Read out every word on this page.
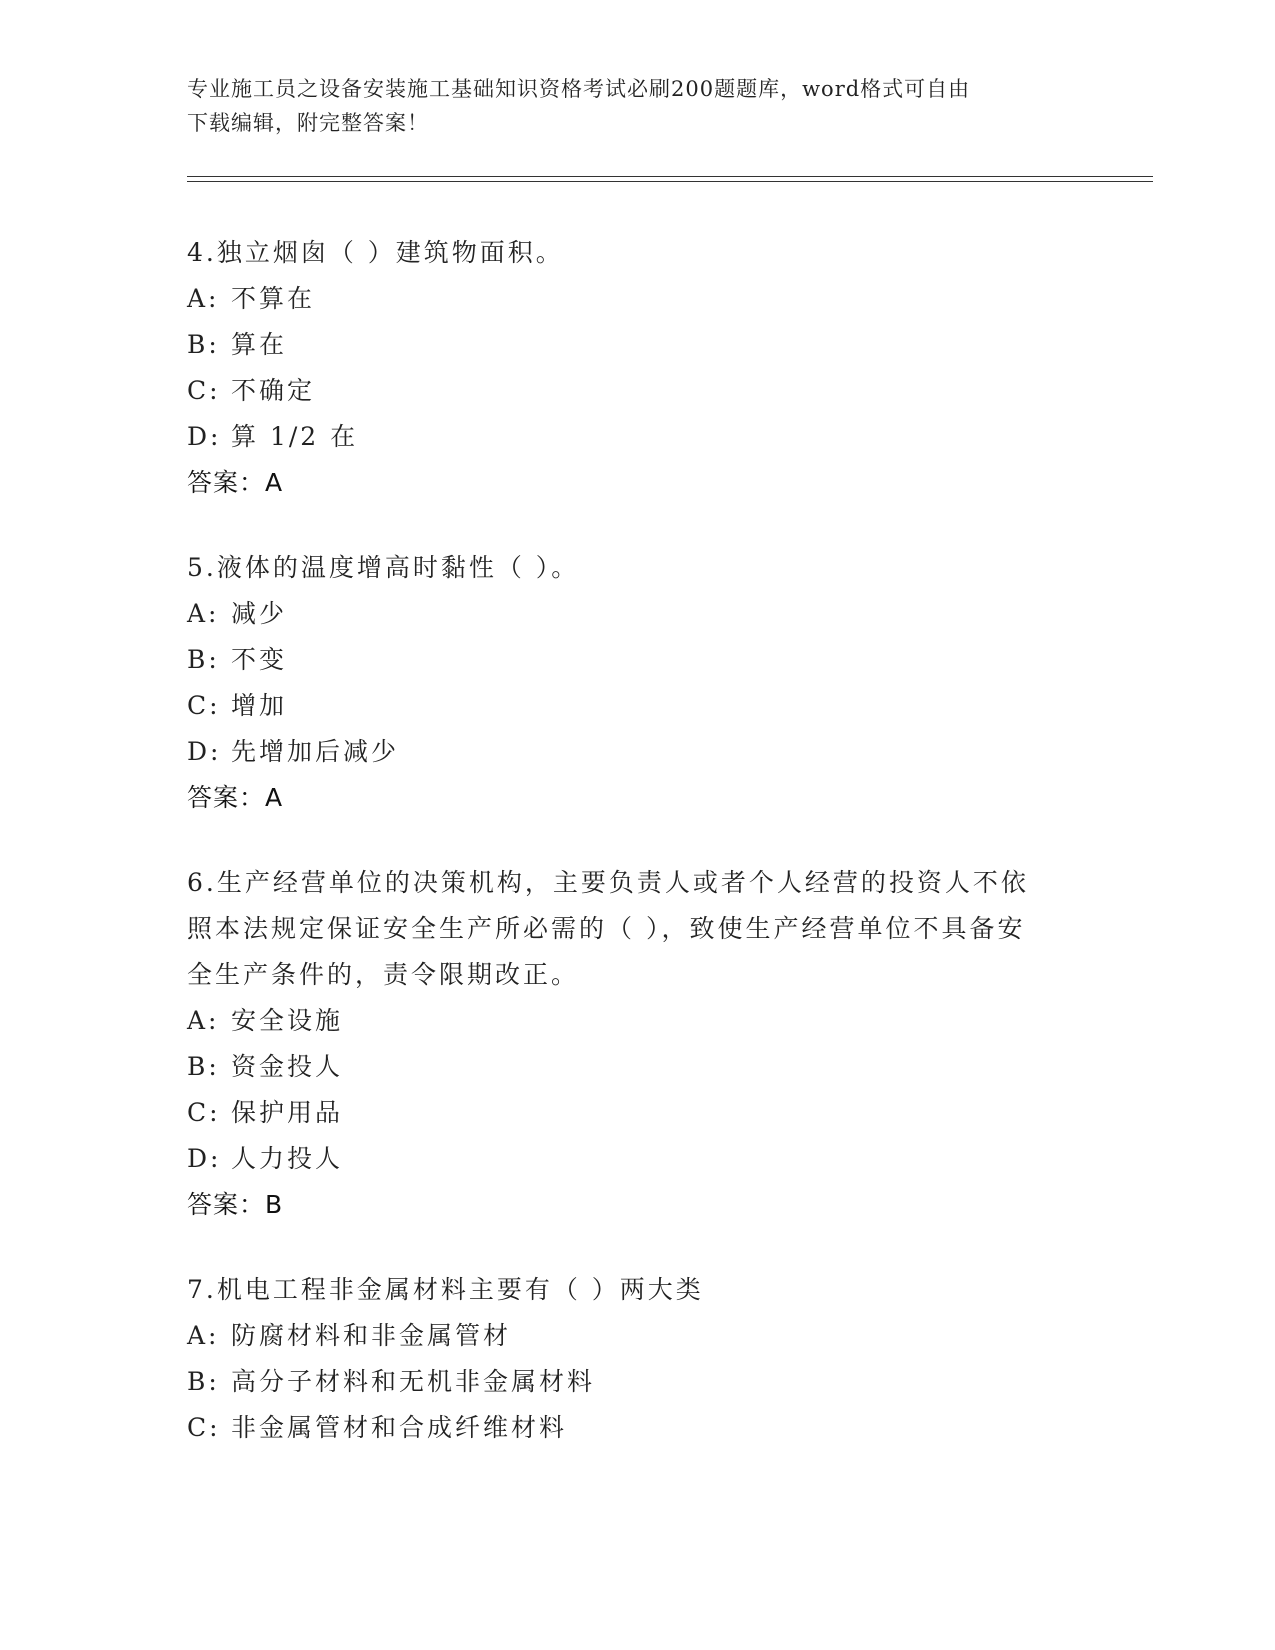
专业施工员之设备安装施工基础知识资格考试必刷200题题库，word格式可自由
下载编辑，附完整答案！
4.独立烟囱（ ）建筑物面积。
A: 不算在
B: 算在
C: 不确定
D: 算 1/2 在
答案：A
5.液体的温度增高时黏性（ ）。
A: 减少
B: 不变
C: 增加
D: 先增加后减少
答案：A
6.生产经营单位的决策机构，主要负责人或者个人经营的投资人不依照本法规定保证安全生产所必需的（ ），致使生产经营单位不具备安全生产条件的，责令限期改正。
A: 安全设施
B: 资金投人
C: 保护用品
D: 人力投人
答案：B
7.机电工程非金属材料主要有（ ）两大类
A: 防腐材料和非金属管材
B: 高分子材料和无机非金属材料
C: 非金属管材和合成纤维材料
